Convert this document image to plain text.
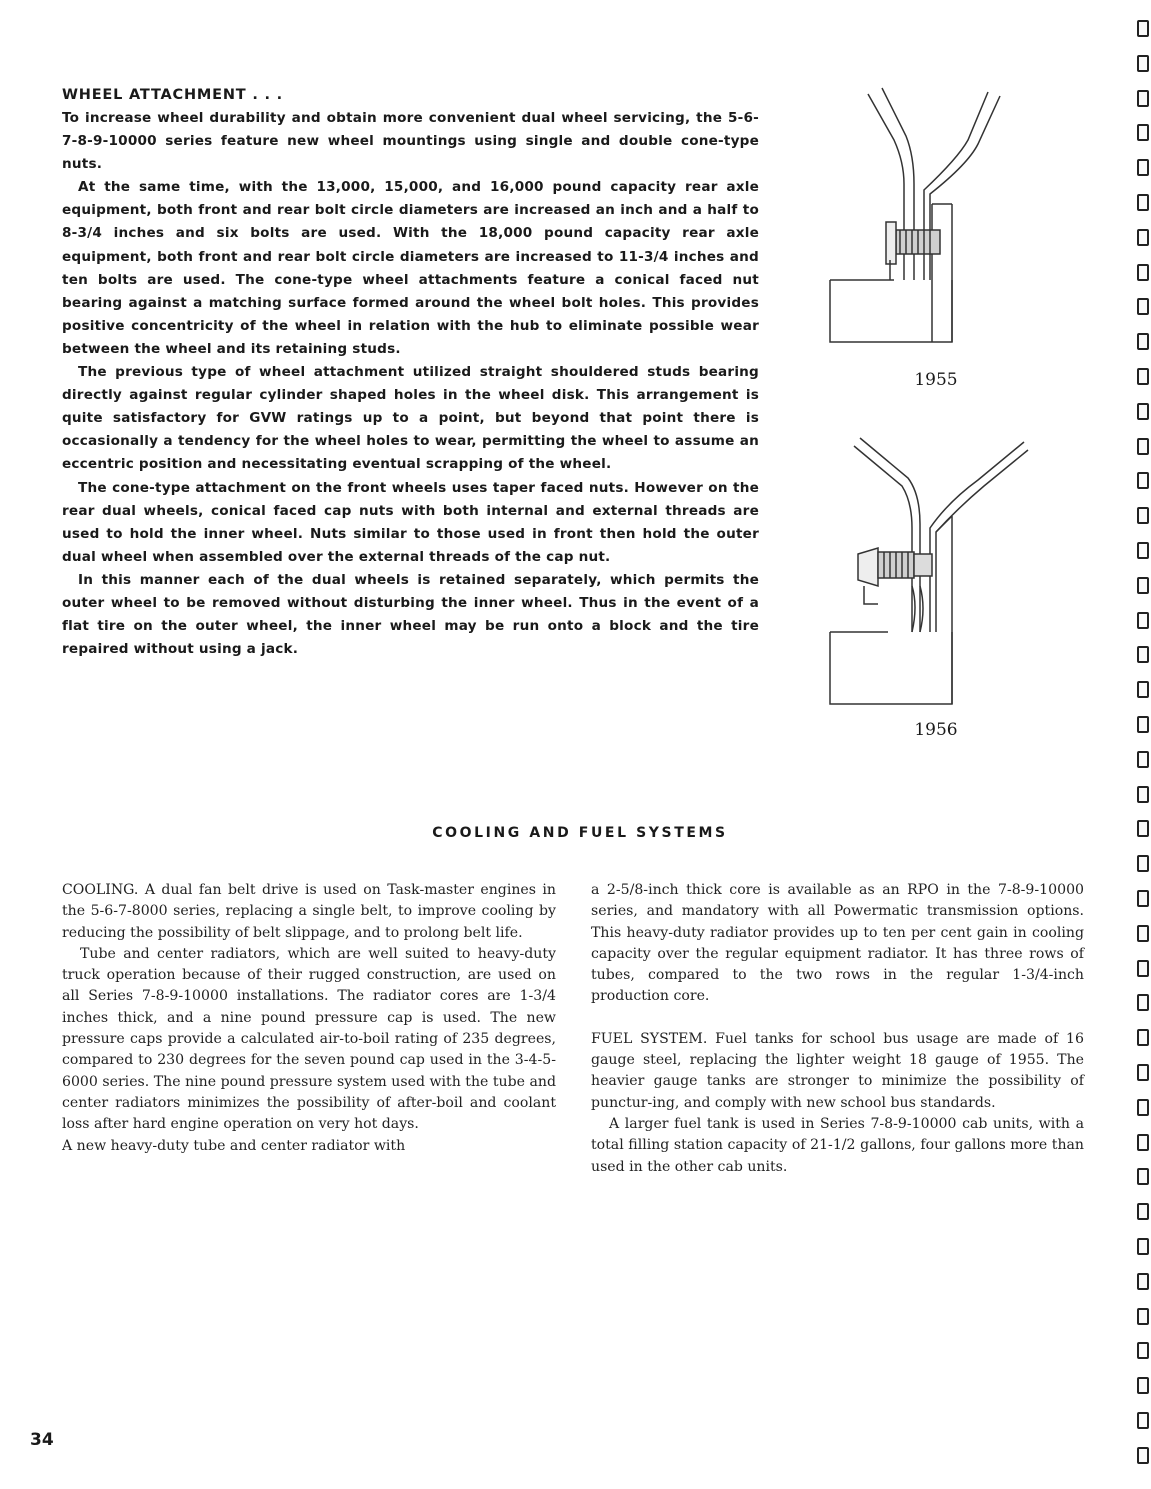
WHEEL ATTACHMENT . . .

To increase wheel durability and obtain more convenient dual wheel servicing, the 5-6-7-8-9-10000 series feature new wheel mountings using single and double cone-type nuts.

At the same time, with the 13,000, 15,000, and 16,000 pound capacity rear axle equipment, both front and rear bolt circle diameters are increased an inch and a half to 8-3/4 inches and six bolts are used. With the 18,000 pound capacity rear axle equipment, both front and rear bolt circle diameters are increased to 11-3/4 inches and ten bolts are used. The cone-type wheel attachments feature a conical faced nut bearing against a matching surface formed around the wheel bolt holes. This provides positive concentricity of the wheel in relation with the hub to eliminate possible wear between the wheel and its retaining studs.

The previous type of wheel attachment utilized straight shouldered studs bearing directly against regular cylinder shaped holes in the wheel disk. This arrangement is quite satisfactory for GVW ratings up to a point, but beyond that point there is occasionally a tendency for the wheel holes to wear, permitting the wheel to assume an eccentric position and necessitating eventual scrapping of the wheel.

The cone-type attachment on the front wheels uses taper faced nuts. However on the rear dual wheels, conical faced cap nuts with both internal and external threads are used to hold the inner wheel. Nuts similar to those used in front then hold the outer dual wheel when assembled over the external threads of the cap nut.

In this manner each of the dual wheels is retained separately, which permits the outer wheel to be removed without disturbing the inner wheel. Thus in the event of a flat tire on the outer wheel, the inner wheel may be run onto a block and the tire repaired without using a jack.

1955
1956
COOLING AND FUEL SYSTEMS

COOLING. A dual fan belt drive is used on Task-master engines in the 5-6-7-8000 series, replacing a single belt, to improve cooling by reducing the possibility of belt slippage, and to prolong belt life.

Tube and center radiators, which are well suited to heavy-duty truck operation because of their rugged construction, are used on all Series 7-8-9-10000 installations. The radiator cores are 1-3/4 inches thick, and a nine pound pressure cap is used. The new pressure caps provide a calculated air-to-boil rating of 235 degrees, compared to 230 degrees for the seven pound cap used in the 3-4-5-6000 series. The nine pound pressure system used with the tube and center radiators minimizes the possibility of after-boil and coolant loss after hard engine operation on very hot days.

A new heavy-duty tube and center radiator with

a 2-5/8-inch thick core is available as an RPO in the 7-8-9-10000 series, and mandatory with all Powermatic transmission options. This heavy-duty radiator provides up to ten per cent gain in cooling capacity over the regular equipment radiator. It has three rows of tubes, compared to the two rows in the regular 1-3/4-inch production core.

FUEL SYSTEM. Fuel tanks for school bus usage are made of 16 gauge steel, replacing the lighter weight 18 gauge of 1955. The heavier gauge tanks are stronger to minimize the possibility of punctur-ing, and comply with new school bus standards.

A larger fuel tank is used in Series 7-8-9-10000 cab units, with a total filling station capacity of 21-1/2 gallons, four gallons more than used in the other cab units.

34
